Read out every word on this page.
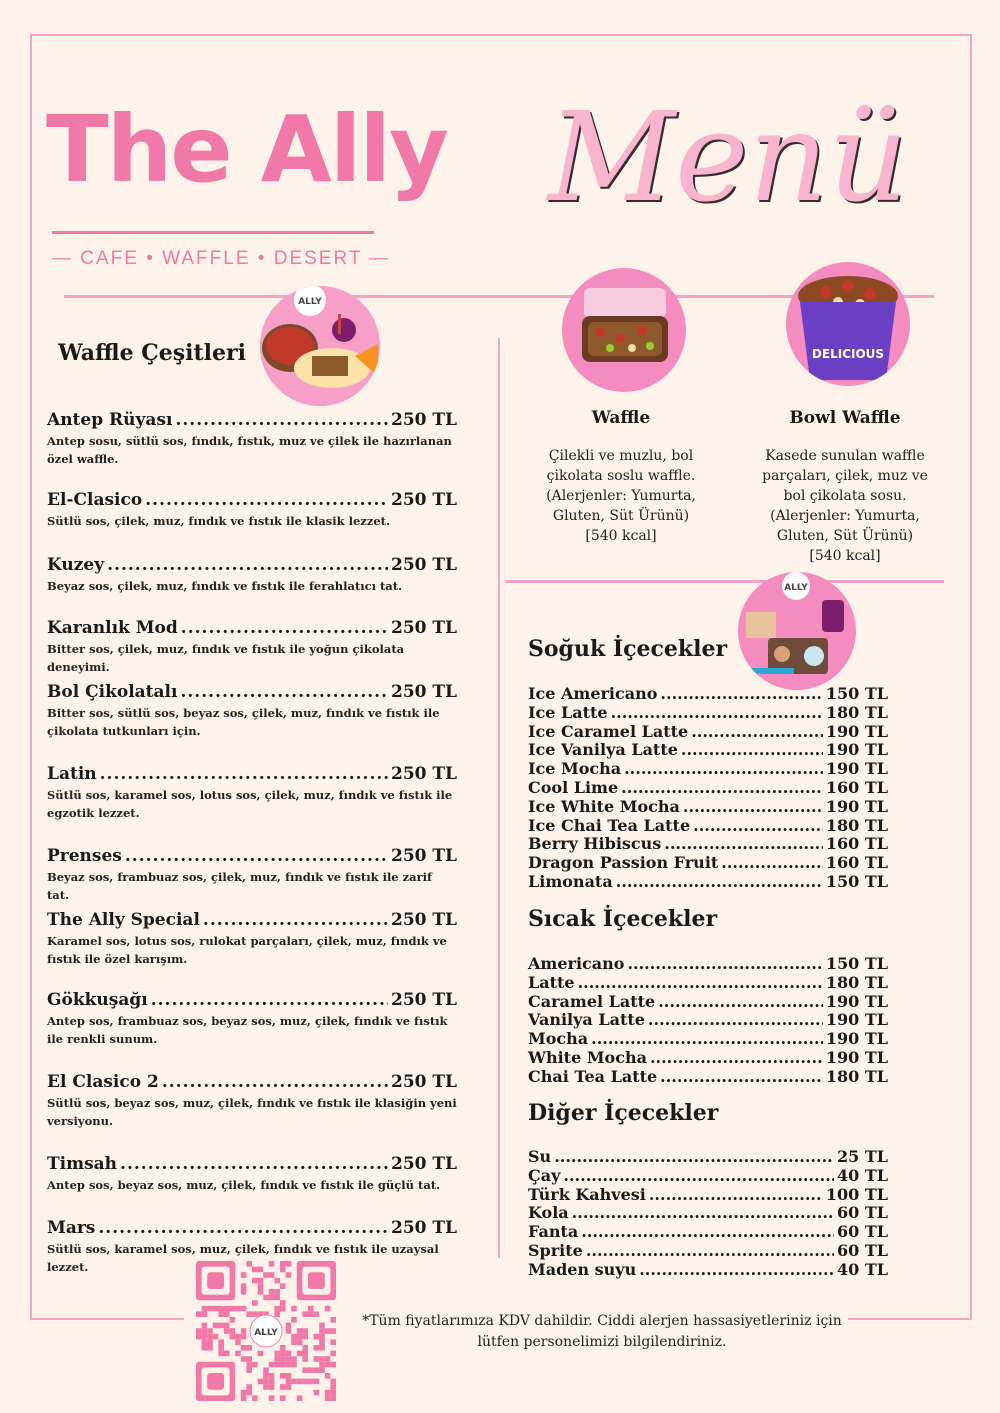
The Ally
— CAFE • WAFFLE • DESERT —
Menü
ALLY
DELICIOUS
ALLY
Waffle Çeşitleri
Antep Rüyası .....	250 TL
Antep sosu, sütlü sos, fındık, fıstık, muz ve çilek ile hazırlanan özel waffle.
El-Clasico .....	250 TL
Sütlü sos, çilek, muz, fındık ve fıstık ile klasik lezzet.
Kuzey .....	250 TL
Beyaz sos, çilek, muz, fındık ve fıstık ile ferahlatıcı tat.
Karanlık Mod .....	250 TL
Bitter sos, çilek, muz, fındık ve fıstık ile yoğun çikolata deneyimi.
Bol Çikolatalı .....	250 TL
Bitter sos, sütlü sos, beyaz sos, çilek, muz, fındık ve fıstık ile çikolata tutkunları için.
Latin .....	250 TL
Sütlü sos, karamel sos, lotus sos, çilek, muz, fındık ve fıstık ile egzotik lezzet.
Prenses .....	250 TL
Beyaz sos, frambuaz sos, çilek, muz, fındık ve fıstık ile zarif tat.
The Ally Special .....	250 TL
Karamel sos, lotus sos, rulokat parçaları, çilek, muz, fındık ve fıstık ile özel karışım.
Gökkuşağı .....	250 TL
Antep sos, frambuaz sos, beyaz sos, muz, çilek, fındık ve fıstık ile renkli sunum.
El Clasico 2 .....	250 TL
Sütlü sos, beyaz sos, muz, çilek, fındık ve fıstık ile klasiğin yeni versiyonu.
Timsah .....	250 TL
Antep sos, beyaz sos, muz, çilek, fındık ve fıstık ile güçlü tat.
Mars .....	250 TL
Sütlü sos, karamel sos, muz, çilek, fındık ve fıstık ile uzaysal lezzet.
Waffle
Çilekli ve muzlu, bol çikolata soslu waffle. (Alerjenler: Yumurta, Gluten, Süt Ürünü)
[540 kcal]
Bowl Waffle
Kasede sunulan waffle parçaları, çilek, muz ve bol çikolata sosu. (Alerjenler: Yumurta, Gluten, Süt Ürünü)
[540 kcal]
Soğuk İçecekler
Ice Americano .....	150 TL
Ice Latte .....	180 TL
Ice Caramel Latte .....	190 TL
Ice Vanilya Latte .....	190 TL
Ice Mocha .....	190 TL
Cool Lime .....	160 TL
Ice White Mocha .....	190 TL
Ice Chai Tea Latte .....	180 TL
Berry Hibiscus .....	160 TL
Dragon Passion Fruit .....	160 TL
Limonata .....	150 TL
Sıcak İçecekler
Americano .....	150 TL
Latte .....	180 TL
Caramel Latte .....	190 TL
Vanilya Latte .....	190 TL
Mocha .....	190 TL
White Mocha .....	190 TL
Chai Tea Latte .....	180 TL
Diğer İçecekler
Su .....	25 TL
Çay .....	40 TL
Türk Kahvesi .....	100 TL
Kola .....	60 TL
Fanta .....	60 TL
Sprite .....	60 TL
Maden suyu .....	40 TL
ALLY
*Tüm fiyatlarımıza KDV dahildir. Ciddi alerjen hassasiyetleriniz için lütfen personelimizi bilgilendiriniz.
